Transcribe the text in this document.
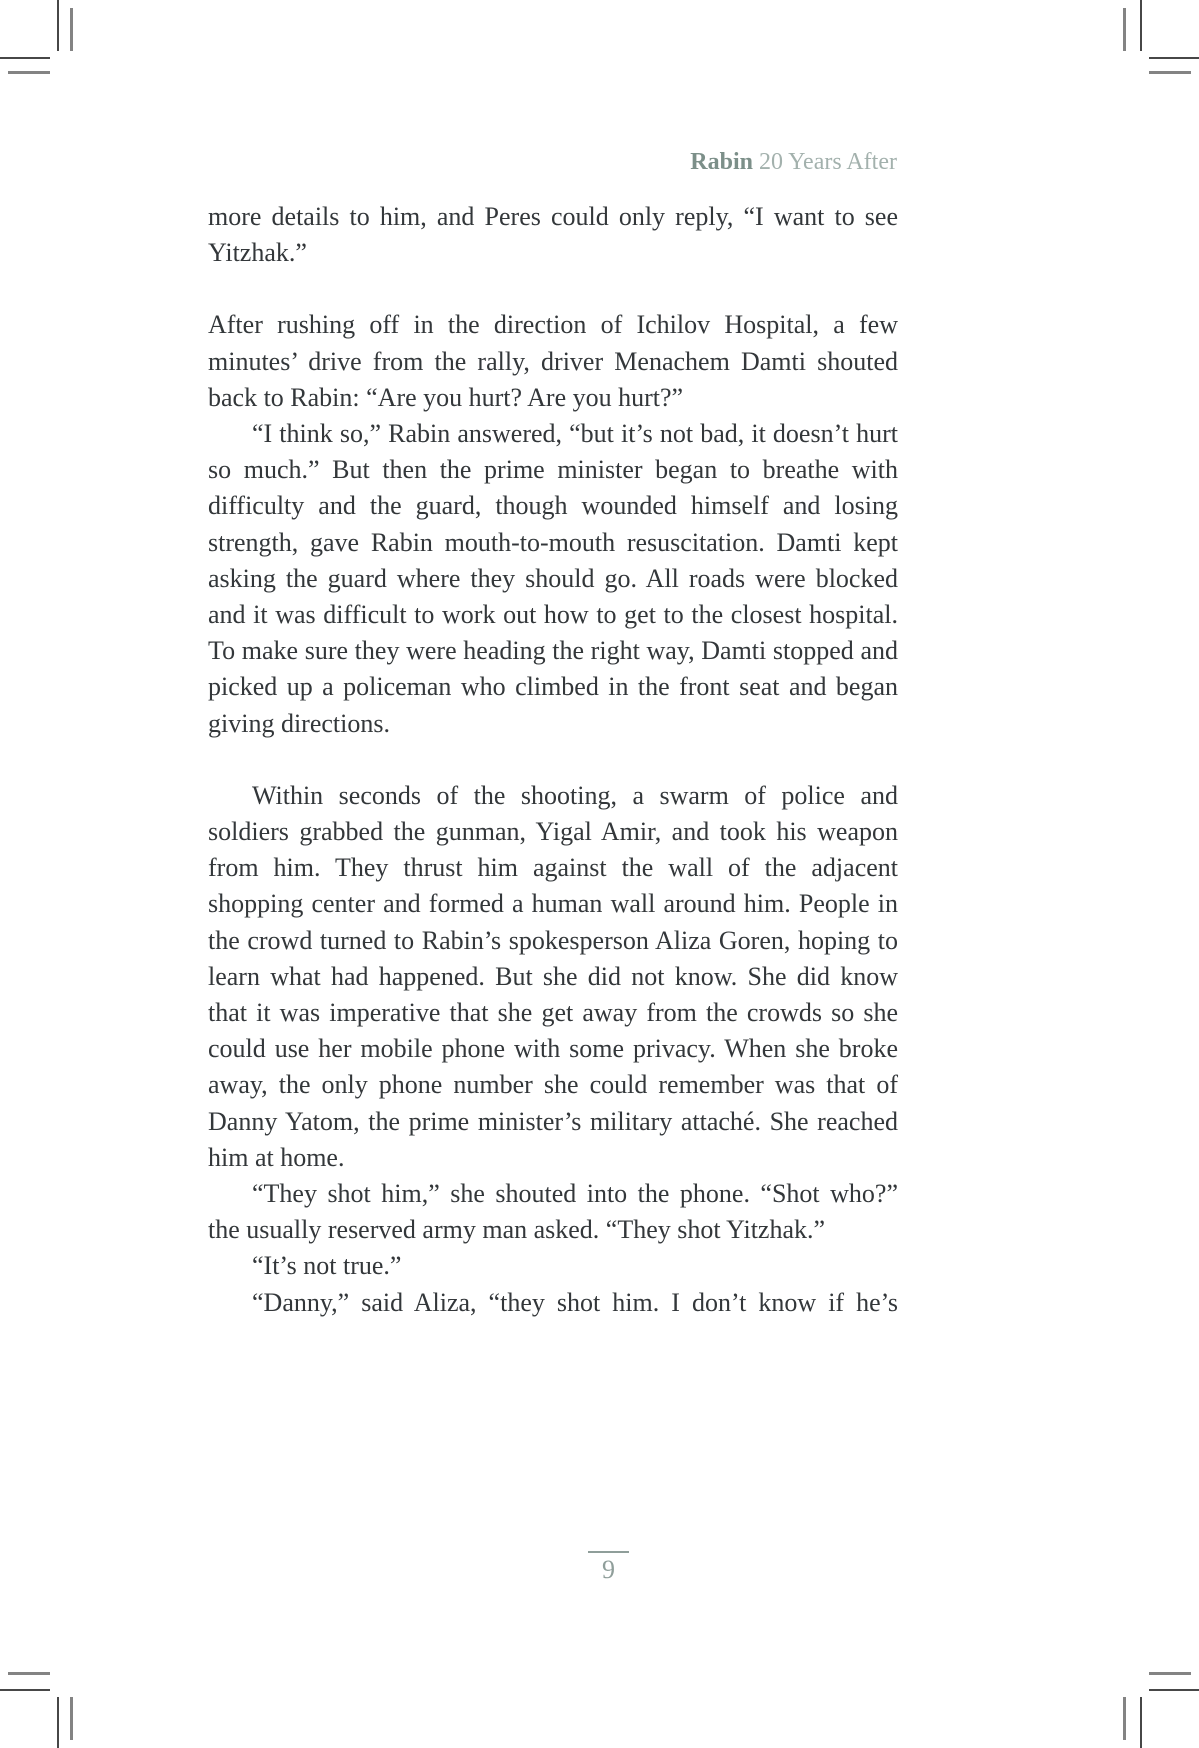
Rabin 20 Years After

more details to him, and Peres could only reply, “I want to see Yitzhak.”

After rushing off in the direction of Ichilov Hospital, a few minutes’ drive from the rally, driver Menachem Damti shouted back to Rabin: “Are you hurt? Are you hurt?”

“I think so,” Rabin answered, “but it’s not bad, it doesn’t hurt so much.” But then the prime minister began to breathe with difficulty and the guard, though wounded himself and losing strength, gave Rabin mouth-to-mouth resuscitation. Damti kept asking the guard where they should go. All roads were blocked and it was difficult to work out how to get to the closest hospital. To make sure they were heading the right way, Damti stopped and picked up a policeman who climbed in the front seat and began giving directions.

Within seconds of the shooting, a swarm of police and soldiers grabbed the gunman, Yigal Amir, and took his weapon from him. They thrust him against the wall of the adjacent shopping center and formed a human wall around him. People in the crowd turned to Rabin’s spokesperson Aliza Goren, hoping to learn what had happened. But she did not know. She did know that it was imperative that she get away from the crowds so she could use her mobile phone with some privacy. When she broke away, the only phone number she could remember was that of Danny Yatom, the prime minister’s military attaché. She reached him at home.

“They shot him,” she shouted into the phone. “Shot who?” the usually reserved army man asked. “They shot Yitzhak.”

“It’s not true.”

“Danny,” said Aliza, “they shot him. I don’t know if he’s

9
